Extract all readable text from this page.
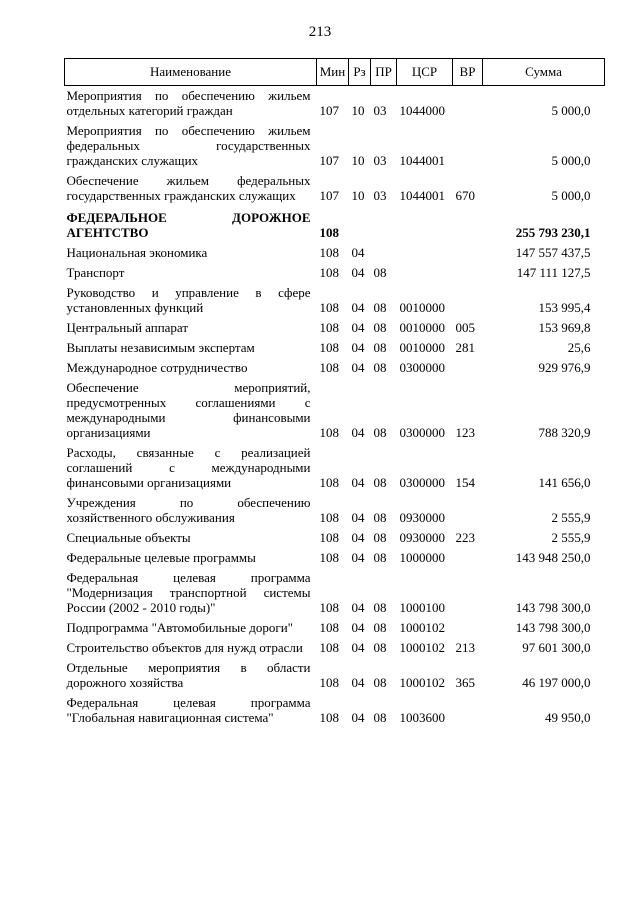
213
Наименование	Мин	Рз	ПР	ЦСР	ВР	Сумма
Мероприятия по обеспечению жильем отдельных категорий граждан	107	10	03	1044000		5 000,0
Мероприятия по обеспечению жильем федеральных государственных гражданских служащих	107	10	03	1044001		5 000,0
Обеспечение жильем федеральных государственных гражданских служащих	107	10	03	1044001	670	5 000,0
ФЕДЕРАЛЬНОЕ ДОРОЖНОЕ АГЕНТСТВО	108					255 793 230,1
Национальная экономика	108	04				147 557 437,5
Транспорт	108	04	08			147 111 127,5
Руководство и управление в сфере установленных функций	108	04	08	0010000		153 995,4
Центральный аппарат	108	04	08	0010000	005	153 969,8
Выплаты независимым экспертам	108	04	08	0010000	281	25,6
Международное сотрудничество	108	04	08	0300000		929 976,9
Обеспечение мероприятий, предусмотренных соглашениями с международными финансовыми организациями	108	04	08	0300000	123	788 320,9
Расходы, связанные с реализацией соглашений с международными финансовыми организациями	108	04	08	0300000	154	141 656,0
Учреждения по обеспечению хозяйственного обслуживания	108	04	08	0930000		2 555,9
Специальные объекты	108	04	08	0930000	223	2 555,9
Федеральные целевые программы	108	04	08	1000000		143 948 250,0
Федеральная целевая программа "Модернизация транспортной системы России (2002 - 2010 годы)"	108	04	08	1000100		143 798 300,0
Подпрограмма "Автомобильные дороги"	108	04	08	1000102		143 798 300,0
Строительство объектов для нужд отрасли	108	04	08	1000102	213	97 601 300,0
Отдельные мероприятия в области дорожного хозяйства	108	04	08	1000102	365	46 197 000,0
Федеральная целевая программа "Глобальная навигационная система"	108	04	08	1003600		49 950,0
